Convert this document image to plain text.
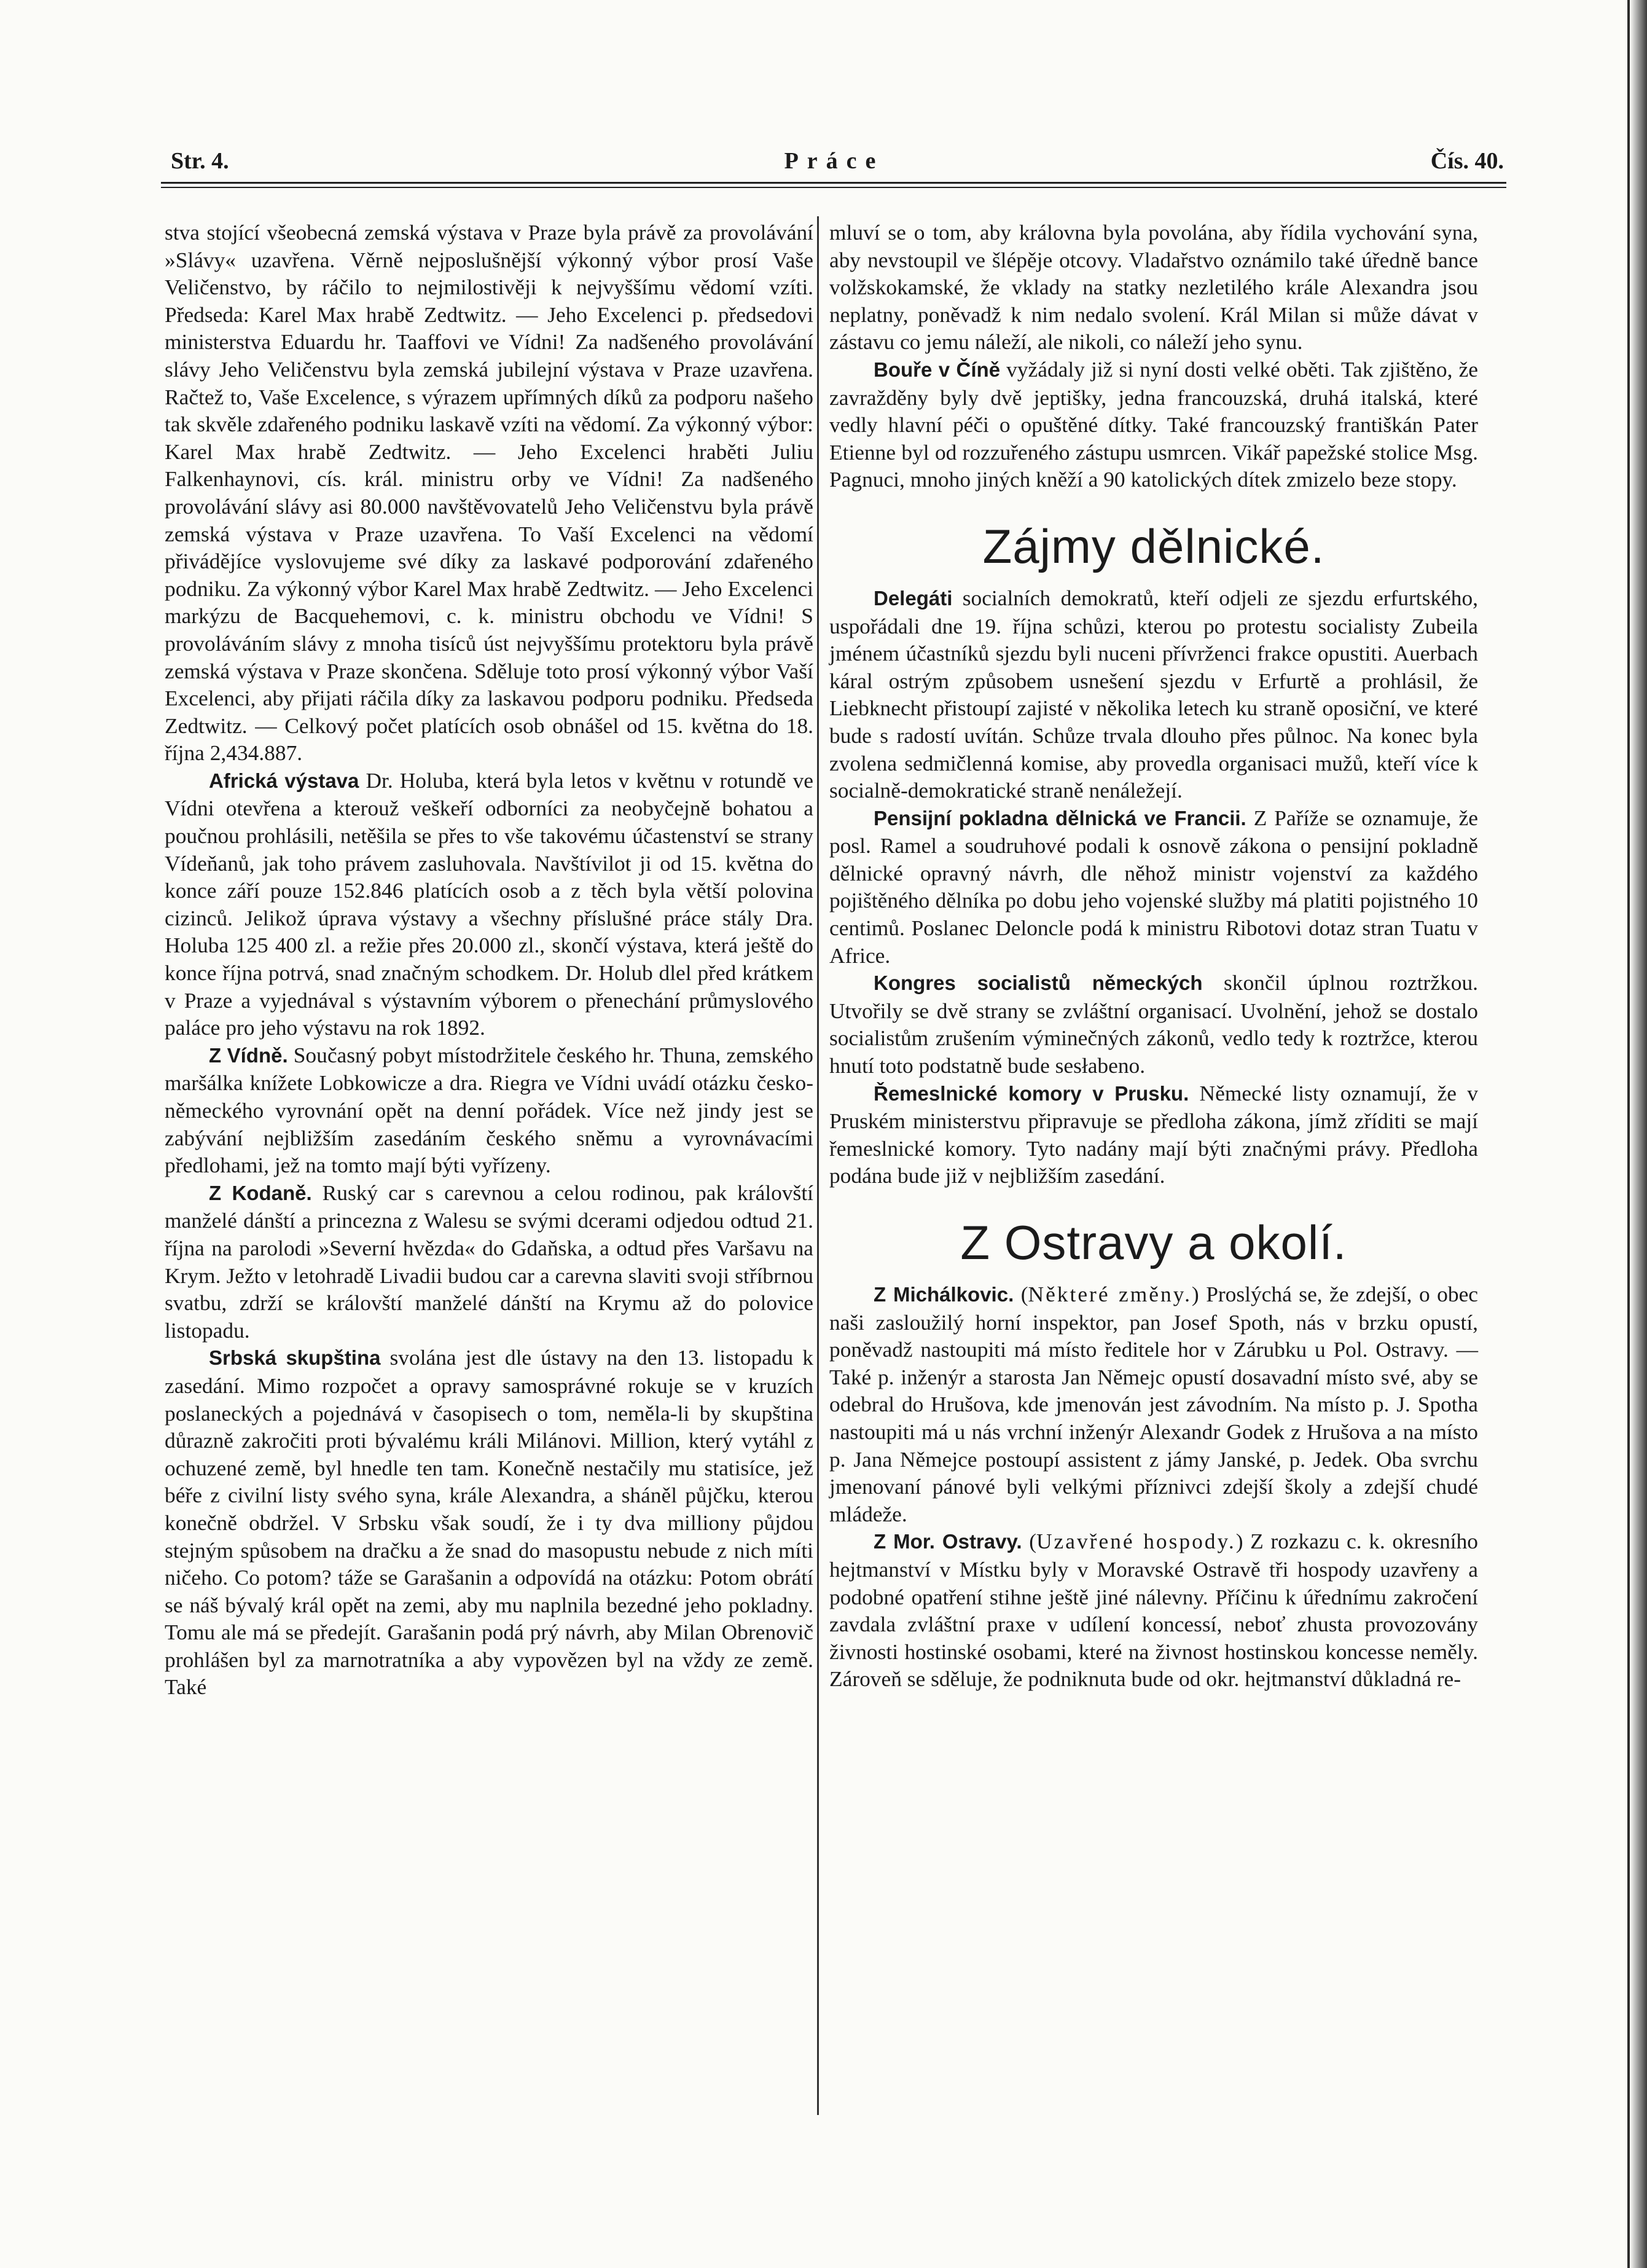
Str. 4.	Práce	Čís. 40.

stva stojící všeobecná zemská výstava v Praze byla právě za provolávání »Slávy« uzavřena. Věrně nejposlušnější výkonný výbor prosí Vaše Veličenstvo, by ráčilo to nejmilostivěji k nejvyššímu vědomí vzíti. Předseda: Karel Max hrabě Zedtwitz. — Jeho Excelenci p. předsedovi ministerstva Eduardu hr. Taaffovi ve Vídni! Za nadšeného provolávání slávy Jeho Veličenstvu byla zemská jubilejní výstava v Praze uzavřena. Račtež to, Vaše Excelence, s výrazem upřímných díků za podporu našeho tak skvěle zdařeného podniku laskavě vzíti na vědomí. Za výkonný výbor: Karel Max hrabě Zedtwitz. — Jeho Excelenci hraběti Juliu Falkenhaynovi, cís. král. ministru orby ve Vídni! Za nadšeného provolávání slávy asi 80.000 navštěvovatelů Jeho Veličenstvu byla právě zemská výstava v Praze uzavřena. To Vaší Excelenci na vědomí přivádějíce vyslovujeme své díky za laskavé podporování zdařeného podniku. Za výkonný výbor Karel Max hrabě Zedtwitz. — Jeho Excelenci markýzu de Bacquehemovi, c. k. ministru obchodu ve Vídni! S provoláváním slávy z mnoha tisíců úst nejvyššímu protektoru byla právě zemská výstava v Praze skončena. Sděluje toto prosí výkonný výbor Vaší Excelenci, aby přijati ráčila díky za laskavou podporu podniku. Předseda Zedtwitz. — Celkový počet platících osob obnášel od 15. května do 18. října 2,434.887.

Africká výstava Dr. Holuba, která byla letos v květnu v rotundě ve Vídni otevřena a kterouž veškeří odborníci za neobyčejně bohatou a poučnou prohlásili, netěšila se přes to vše takovému účastenství se strany Vídeňanů, jak toho právem zasluhovala. Navštívilot ji od 15. května do konce září pouze 152.846 platících osob a z těch byla větší polovina cizinců. Jelikož úprava výstavy a všechny příslušné práce stály Dra. Holuba 125 400 zl. a režie přes 20.000 zl., skončí výstava, která ještě do konce října potrvá, snad značným schodkem. Dr. Holub dlel před krátkem v Praze a vyjednával s výstavním výborem o přenechání průmyslového paláce pro jeho výstavu na rok 1892.

Z Vídně. Současný pobyt místodržitele českého hr. Thuna, zemského maršálka knížete Lobkowicze a dra. Riegra ve Vídni uvádí otázku česko-německého vyrovnání opět na denní pořádek. Více než jindy jest se zabývání nejbližším zasedáním českého sněmu a vyrovnávacími předlohami, jež na tomto mají býti vyřízeny.

Z Kodaně. Ruský car s carevnou a celou rodinou, pak královští manželé dánští a princezna z Walesu se svými dcerami odjedou odtud 21. října na parolodi »Severní hvězda« do Gdaňska, a odtud přes Varšavu na Krym. Ježto v letohradě Livadii budou car a carevna slaviti svoji stříbrnou svatbu, zdrží se královští manželé dánští na Krymu až do polovice listopadu.

Srbská skupština svolána jest dle ústavy na den 13. listopadu k zasedání. Mimo rozpočet a opravy samosprávné rokuje se v kruzích poslaneckých a pojednává v časopisech o tom, neměla-li by skupština důrazně zakročiti proti bývalému králi Milánovi. Million, který vytáhl z ochuzené země, byl hnedle ten tam. Konečně nestačily mu statisíce, jež béře z civilní listy svého syna, krále Alexandra, a sháněl půjčku, kterou konečně obdržel. V Srbsku však soudí, že i ty dva milliony půjdou stejným spůsobem na dračku a že snad do masopustu nebude z nich míti ničeho. Co potom? táže se Garašanin a odpovídá na otázku: Potom obrátí se náš bývalý král opět na zemi, aby mu naplnila bezedné jeho pokladny. Tomu ale má se předejít. Garašanin podá prý návrh, aby Milan Obrenovič prohlášen byl za marnotratníka a aby vypovězen byl na vždy ze země. Také

mluví se o tom, aby královna byla povolána, aby řídila vychování syna, aby nevstoupil ve šlépěje otcovy. Vladařstvo oznámilo také úředně bance volžskokamské, že vklady na statky nezletilého krále Alexandra jsou neplatny, poněvadž k nim nedalo svolení. Král Milan si může dávat v zástavu co jemu náleží, ale nikoli, co náleží jeho synu.

Bouře v Číně vyžádaly již si nyní dosti velké oběti. Tak zjištěno, že zavražděny byly dvě jeptišky, jedna francouzská, druhá italská, které vedly hlavní péči o opuštěné dítky. Také francouzský františkán Pater Etienne byl od rozzuřeného zástupu usmrcen. Vikář papežské stolice Msg. Pagnuci, mnoho jiných kněží a 90 katolických dítek zmizelo beze stopy.

Zájmy dělnické.

Delegáti socialních demokratů, kteří odjeli ze sjezdu erfurtského, uspořádali dne 19. října schůzi, kterou po protestu socialisty Zubeila jménem účastníků sjezdu byli nuceni přívrženci frakce opustiti. Auerbach káral ostrým způsobem usnešení sjezdu v Erfurtě a prohlásil, že Liebknecht přistoupí zajisté v několika letech ku straně oposiční, ve které bude s radostí uvítán. Schůze trvala dlouho přes půlnoc. Na konec byla zvolena sedmičlenná komise, aby provedla organisaci mužů, kteří více k socialně-demokratické straně nenáležejí.

Pensijní pokladna dělnická ve Francii. Z Paříže se oznamuje, že posl. Ramel a soudruhové podali k osnově zákona o pensijní pokladně dělnické opravný návrh, dle něhož ministr vojenství za každého pojištěného dělníka po dobu jeho vojenské služby má platiti pojistného 10 centimů. Poslanec Deloncle podá k ministru Ribotovi dotaz stran Tuatu v Africe.

Kongres socialistů německých skončil úplnou roztržkou. Utvořily se dvě strany se zvláštní organisací. Uvolnění, jehož se dostalo socialistům zrušením výminečných zákonů, vedlo tedy k roztržce, kterou hnutí toto podstatně bude sesłabeno.

Řemeslnické komory v Prusku. Německé listy oznamují, že v Pruském ministerstvu připravuje se předloha zákona, jímž zříditi se mají řemeslnické komory. Tyto nadány mají býti značnými právy. Předloha podána bude již v nejbližším zasedání.

Z Ostravy a okolí.

Z Michálkovic. (Některé změny.) Proslýchá se, že zdejší, o obec naši zasloužilý horní inspektor, pan Josef Spoth, nás v brzku opustí, poněvadž nastoupiti má místo ředitele hor v Zárubku u Pol. Ostravy. — Také p. inženýr a starosta Jan Němejc opustí dosavadní místo své, aby se odebral do Hrušova, kde jmenován jest závodním. Na místo p. J. Spotha nastoupiti má u nás vrchní inženýr Alexandr Godek z Hrušova a na místo p. Jana Němejce postoupí assistent z jámy Janské, p. Jedek. Oba svrchu jmenovaní pánové byli velkými příznivci zdejší školy a zdejší chudé mládeže.

Z Mor. Ostravy. (Uzavřené hospody.) Z rozkazu c. k. okresního hejtmanství v Místku byly v Moravské Ostravě tři hospody uzavřeny a podobné opatření stihne ještě jiné nálevny. Příčinu k úřednímu zakročení zavdala zvláštní praxe v udílení koncessí, neboť zhusta provozovány živnosti hostinské osobami, které na živnost hostinskou koncesse neměly. Zároveň se sděluje, že podniknuta bude od okr. hejtmanství důkladná re-
